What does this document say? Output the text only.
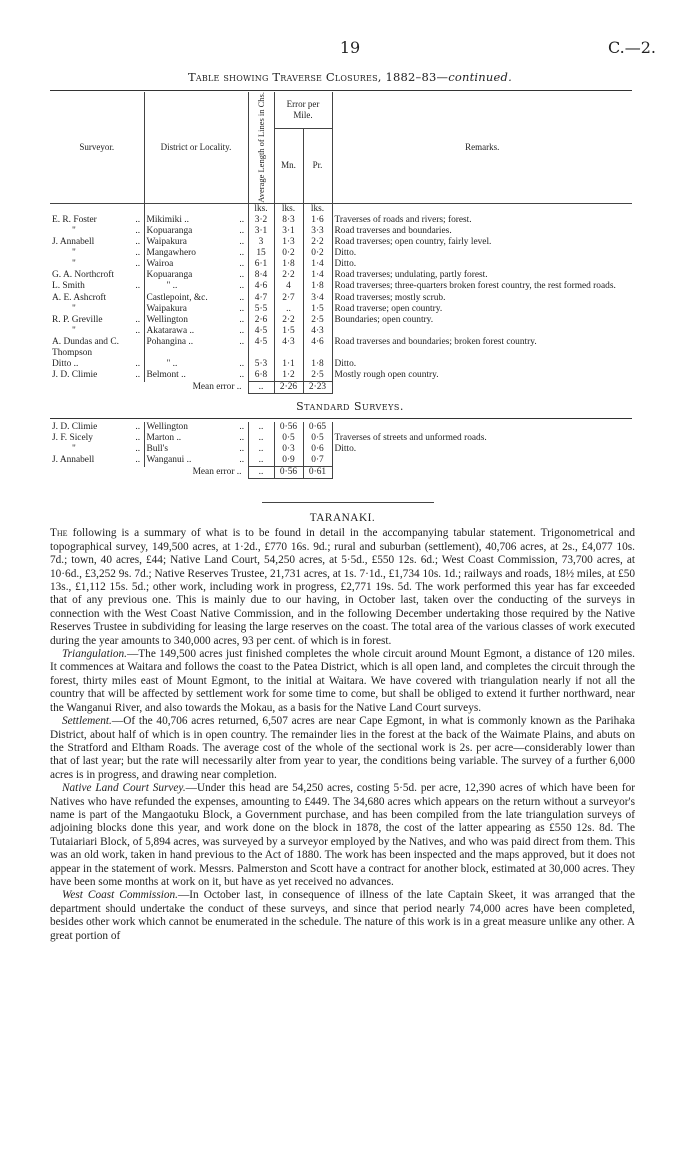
19	C.—2.
Table showing Traverse Closures, 1882–83—continued.
Surveyor.		District or Locality.		Average Length of Lines in Chs.	Error per Mile.		Remarks.
					Mn.	Pr.	
				lks.	lks.	lks.	
E. R. Foster	..	Mikimiki ..	..	3·2	8·3	1·6	Traverses of roads and rivers; forest.
"	..	Kopuaranga	..	3·1	3·1	3·3	Road traverses and boundaries.
J. Annabell	..	Waipakura	..	3	1·3	2·2	Road traverses; open country, fairly level.
"	..	Mangawhero	..	15	0·2	0·2	Ditto.
"	..	Wairoa	..	6·1	1·8	1·4	Ditto.
G. A. Northcroft		Kopuaranga	..	8·4	2·2	1·4	Road traverses; undulating, partly forest.
L. Smith	..	" ..	..	4·6	4	1·8	Road traverses; three-quarters broken forest country, the rest formed roads.
A. E. Ashcroft		Castlepoint, &c.	..	4·7	2·7	3·4	Road traverses; mostly scrub.
"		Waipakura	..	5·5	..	1·5	Road traverse; open country.
R. P. Greville	..	Wellington	..	2·6	2·2	2·5	Boundaries; open country.
"	..	Akatarawa ..	..	4·5	1·5	4·3	
A. Dundas and C. Thompson		Pohangina ..	..	4·5	4·3	4·6	Road traverses and boundaries; broken forest country.
Ditto ..	..	" ..	..	5·3	1·1	1·8	Ditto.
J. D. Climie	..	Belmont ..	..	6·8	1·2	2·5	Mostly rough open country.
Mean error ..				..	2·26	2·23	
Standard Surveys.
J. D. Climie	..	Wellington	..	..	0·56	0·65	
J. F. Sicely	..	Marton ..	..	..	0·5	0·5	Traverses of streets and unformed roads.
"	..	Bull's	..	..	0·3	0·6	Ditto.
J. Annabell	..	Wanganui ..	..	..	0·9	0·7	
Mean error ..				..	0·56	0·61	
TARANAKI.

The following is a summary of what is to be found in detail in the accompanying tabular statement. Trigonometrical and topographical survey, 149,500 acres, at 1·2d., £770 16s. 9d.; rural and suburban (settlement), 40,706 acres, at 2s., £4,077 10s. 7d.; town, 40 acres, £44; Native Land Court, 54,250 acres, at 5·5d., £550 12s. 6d.; West Coast Commission, 73,700 acres, at 10·6d., £3,252 9s. 7d.; Native Reserves Trustee, 21,731 acres, at 1s. 7·1d., £1,734 10s. 1d.; railways and roads, 18½ miles, at £50 13s., £1,112 15s. 5d.; other work, including work in progress, £2,771 19s. 5d. The work performed this year has far exceeded that of any previous one. This is mainly due to our having, in October last, taken over the conducting of the surveys in connection with the West Coast Native Commission, and in the following December undertaking those required by the Native Reserves Trustee in subdividing for leasing the large reserves on the coast. The total area of the various classes of work executed during the year amounts to 340,000 acres, 93 per cent. of which is in forest.

Triangulation.—The 149,500 acres just finished completes the whole circuit around Mount Egmont, a distance of 120 miles. It commences at Waitara and follows the coast to the Patea District, which is all open land, and completes the circuit through the forest, thirty miles east of Mount Egmont, to the initial at Waitara. We have covered with triangulation nearly if not all the country that will be affected by settlement work for some time to come, but shall be obliged to extend it further northward, near the Wanganui River, and also towards the Mokau, as a basis for the Native Land Court surveys.

Settlement.—Of the 40,706 acres returned, 6,507 acres are near Cape Egmont, in what is commonly known as the Parihaka District, about half of which is in open country. The remainder lies in the forest at the back of the Waimate Plains, and abuts on the Stratford and Eltham Roads. The average cost of the whole of the sectional work is 2s. per acre—considerably lower than that of last year; but the rate will necessarily alter from year to year, the conditions being variable. The survey of a further 6,000 acres is in progress, and drawing near completion.

Native Land Court Survey.—Under this head are 54,250 acres, costing 5·5d. per acre, 12,390 acres of which have been for Natives who have refunded the expenses, amounting to £449. The 34,680 acres which appears on the return without a surveyor's name is part of the Mangaotuku Block, a Government purchase, and has been compiled from the late triangulation surveys of adjoining blocks done this year, and work done on the block in 1878, the cost of the latter appearing as £550 12s. 8d. The Tutaiariari Block, of 5,894 acres, was surveyed by a surveyor employed by the Natives, and who was paid direct from them. This was an old work, taken in hand previous to the Act of 1880. The work has been inspected and the maps approved, but it does not appear in the statement of work. Messrs. Palmerston and Scott have a contract for another block, estimated at 30,000 acres. They have been some months at work on it, but have as yet received no advances.

West Coast Commission.—In October last, in consequence of illness of the late Captain Skeet, it was arranged that the department should undertake the conduct of these surveys, and since that period nearly 74,000 acres have been completed, besides other work which cannot be enumerated in the schedule. The nature of this work is in a great measure unlike any other. A great portion of
